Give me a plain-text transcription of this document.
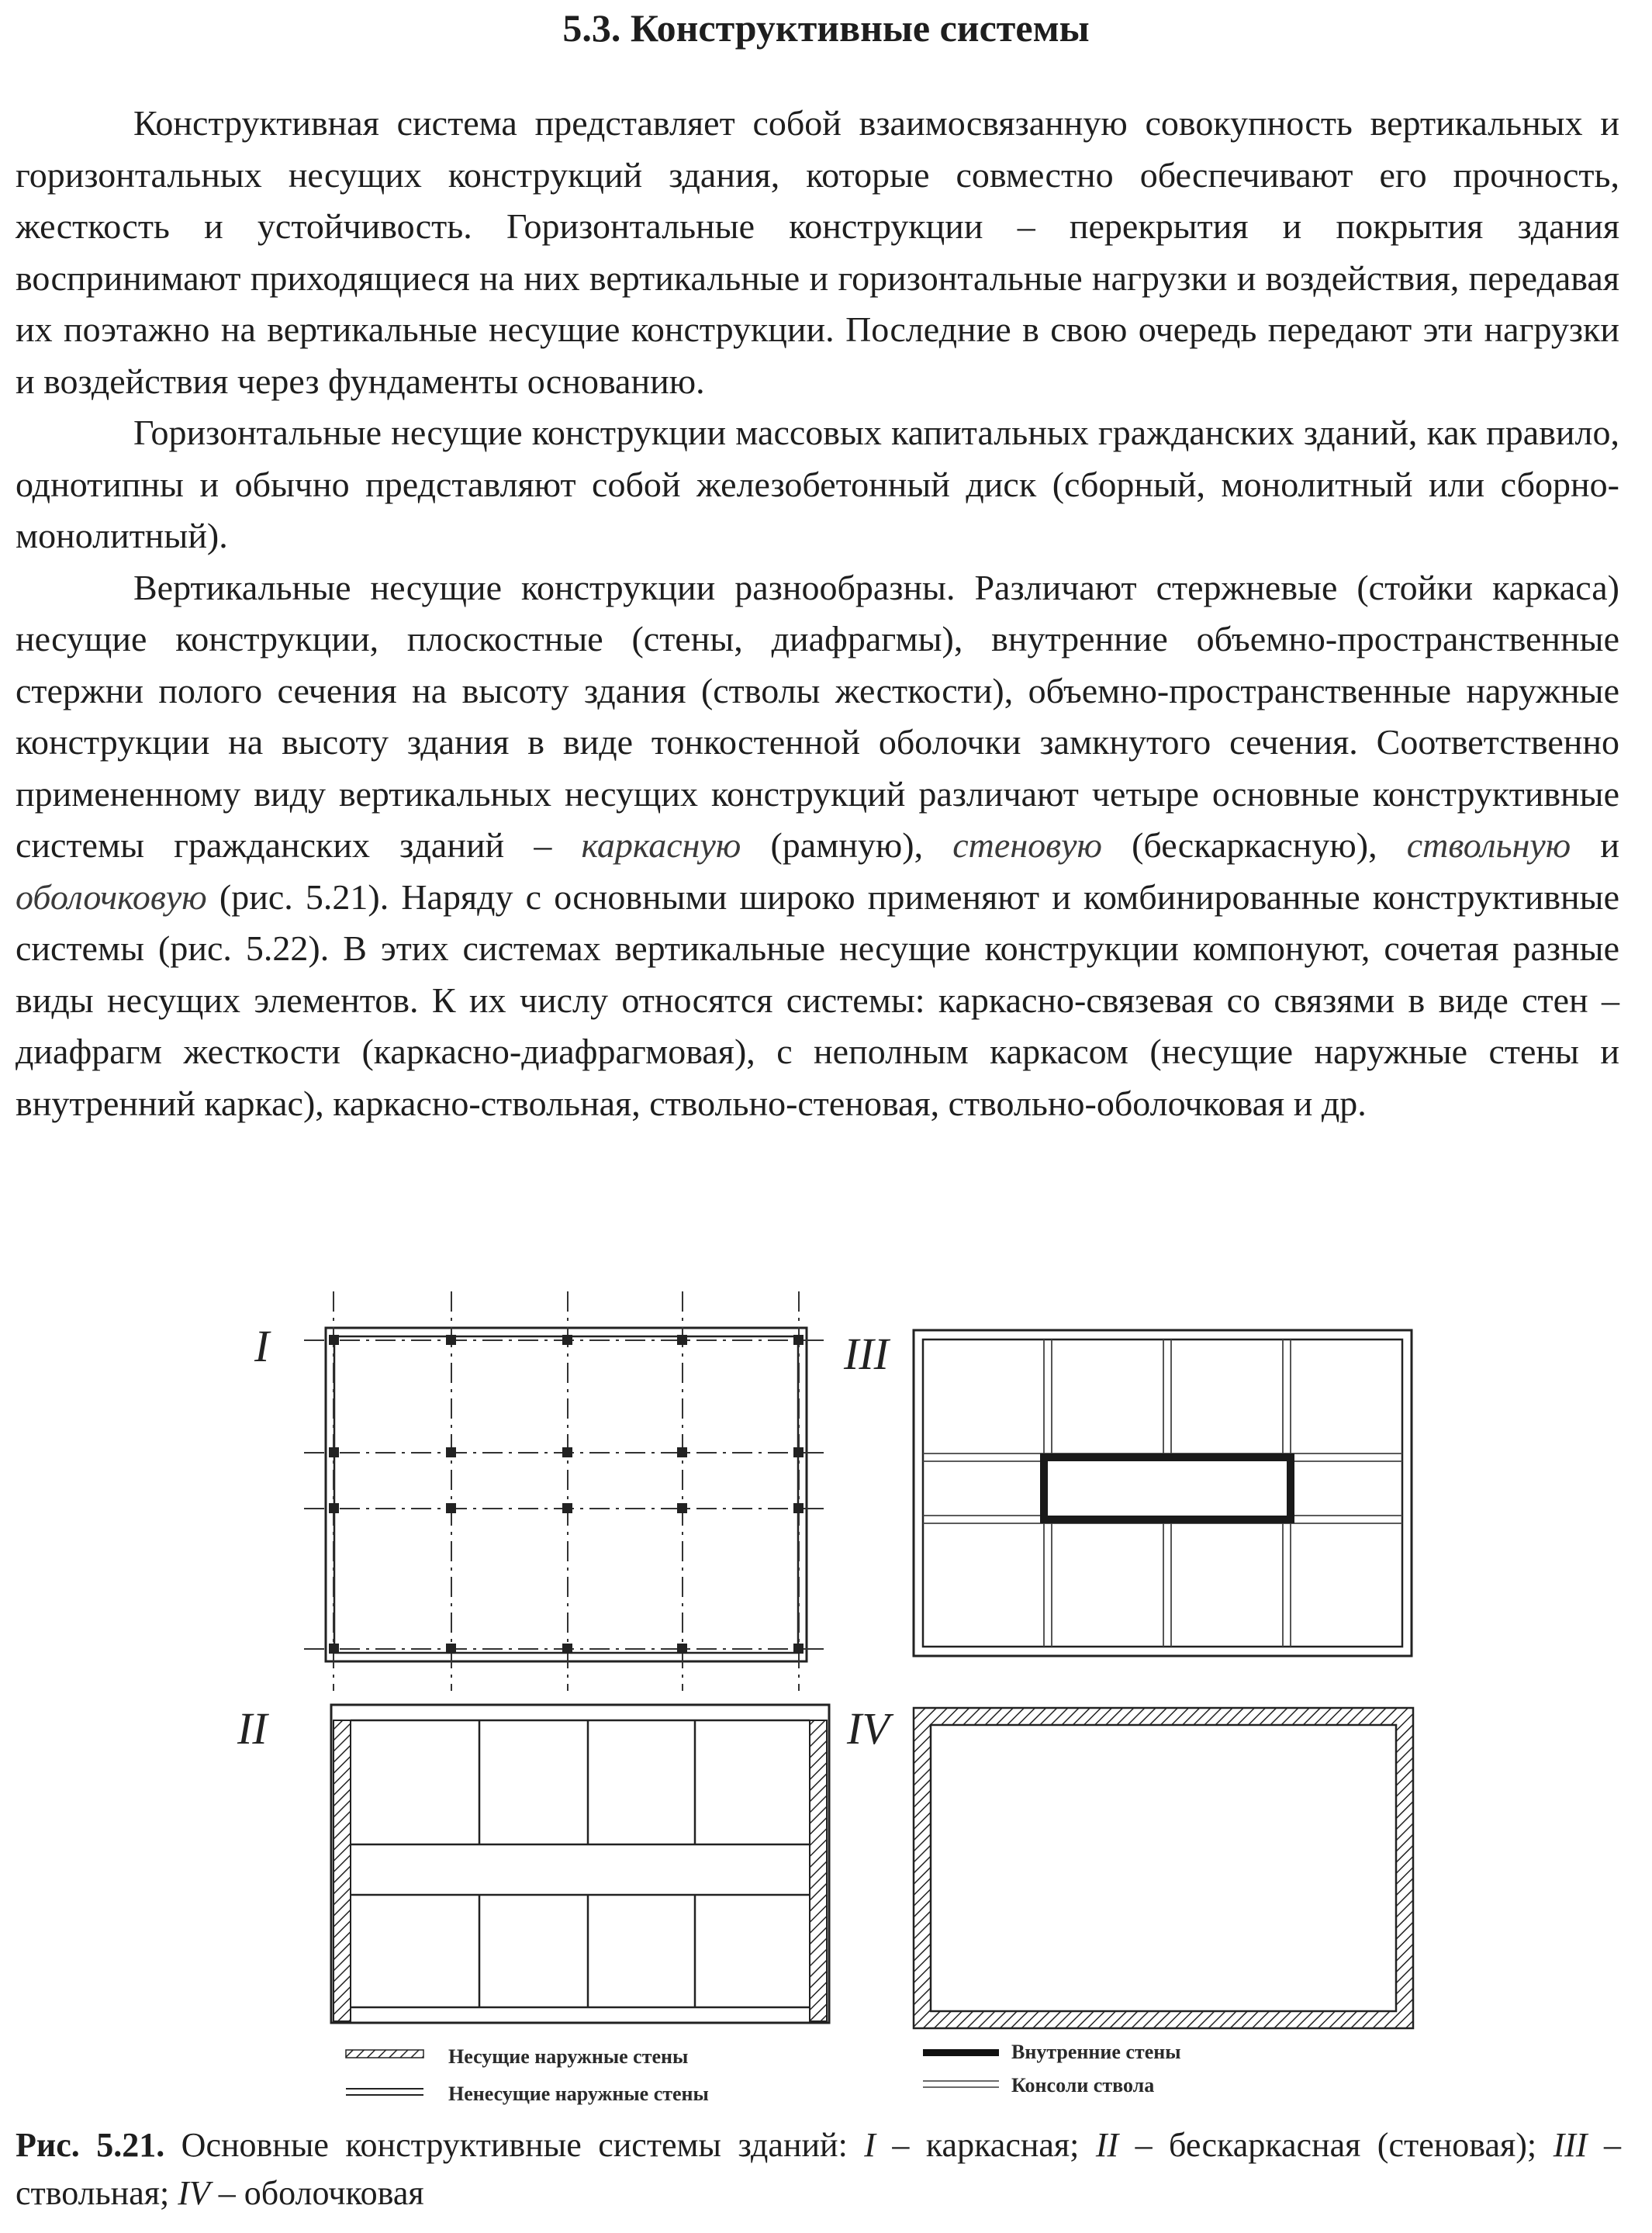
5.3. Конструктивные системы

Конструктивная система представляет собой взаимосвязанную совокупность вертикальных и горизонтальных несущих конструкций здания, которые совместно обеспечивают его прочность, жесткость и устойчивость. Горизонтальные конструкции – перекрытия и покрытия здания воспринимают приходящиеся на них вертикальные и горизонтальные нагрузки и воздействия, передавая их поэтажно на вертикальные несущие конструкции. Последние в свою очередь передают эти нагрузки и воздействия через фундаменты основанию.

Горизонтальные несущие конструкции массовых капитальных гражданских зданий, как правило, однотипны и обычно представляют собой железобетонный диск (сборный, монолитный или сборно-монолитный).

Вертикальные несущие конструкции разнообразны. Различают стержневые (стойки каркаса) несущие конструкции, плоскостные (стены, диафрагмы), внутренние объемно-пространственные стержни полого сечения на высоту здания (стволы жесткости), объемно-пространственные наружные конструкции на высоту здания в виде тонкостенной оболочки замкнутого сечения. Соответственно примененному виду вертикальных несущих конструкций различают четыре основные конструктивные системы гражданских зданий – каркасную (рамную), стеновую (бескаркасную), ствольную и оболочковую (рис. 5.21). Наряду с основными широко применяют и комбинированные конструктивные системы (рис. 5.22). В этих системах вертикальные несущие конструкции компонуют, сочетая разные виды несущих элементов. К их числу относятся системы: каркасно-связевая со связями в виде стен – диафрагм жесткости (каркасно-диафрагмовая), с неполным каркасом (несущие наружные стены и внутренний каркас), каркасно-ствольная, ствольно-стеновая, ствольно-оболочковая и др.

I	III
II	IV
Несущие наружные стены
Ненесущие наружные стены
Внутренние стены
Консоли ствола

Рис. 5.21. Основные конструктивные системы зданий: I – каркасная; II – бескаркасная (стеновая); III – ствольная; IV – оболочковая
